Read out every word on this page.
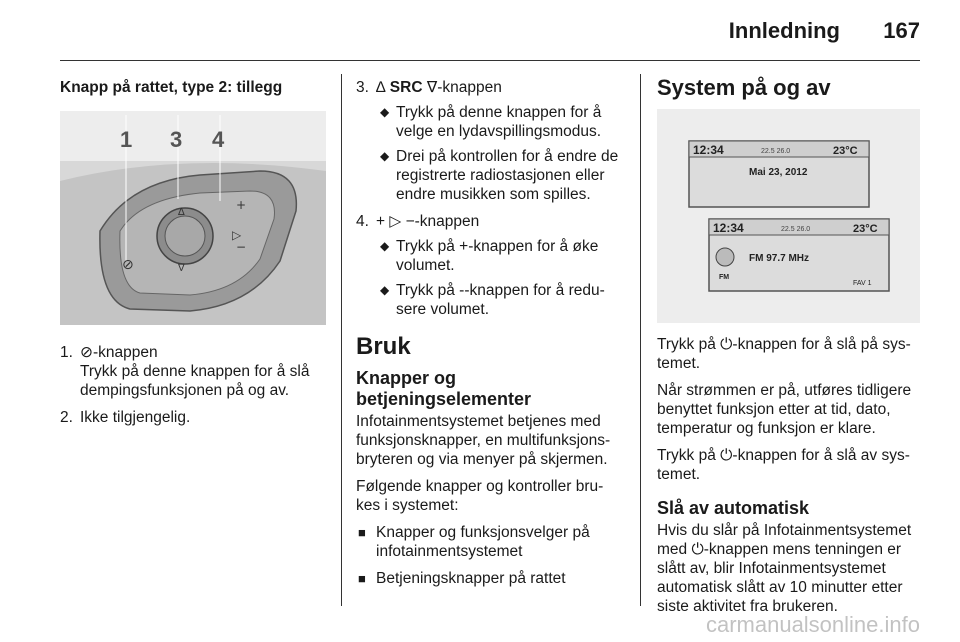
Innledning 167
Knapp på rattet, type 2: tillegg
+
▷
−
∆
∇
⊘
1 3 4
1. ⊘-knappen
Trykk på denne knappen for å slå dempingsfunksjonen på og av.
2. Ikke tilgjengelig.
3. ∆ SRC ∇-knappen
◆ Trykk på denne knappen for å velge en lydavspillingsmodus.
◆ Drei på kontrollen for å endre de registrerte radiostasjonen eller endre musikken som spilles.
4. + ▷ −-knappen
◆ Trykk på +-knappen for å øke volumet.
◆ Trykk på --knappen for å redu-sere volumet.
Bruk
Knapper og betjeningselementer

Infotainmentsystemet betjenes med funksjonsknapper, en multifunksjons-bryteren og via menyer på skjermen.

Følgende knapper og kontroller bru-kes i systemet:

■ Knapper og funksjonsvelger på infotainmentsystemet
■ Betjeningsknapper på rattet
System på og av
12:34	22.5 26.0	23°C
Mai 23, 2012
12:34	22.5 26.0	23°C
FM 97.7 MHz
FM
FAV 1

Trykk på ⏻-knappen for å slå på sys-temet.

Når strømmen er på, utføres tidligere benyttet funksjon etter at tid, dato, temperatur og funksjon er klare.

Trykk på ⏻-knappen for å slå av sys-temet.

Slå av automatisk

Hvis du slår på Infotainmentsystemet med ⏻-knappen mens tenningen er slått av, blir Infotainmentsystemet automatisk slått av 10 minutter etter siste aktivitet fra brukeren.

carmanualsonline.info
